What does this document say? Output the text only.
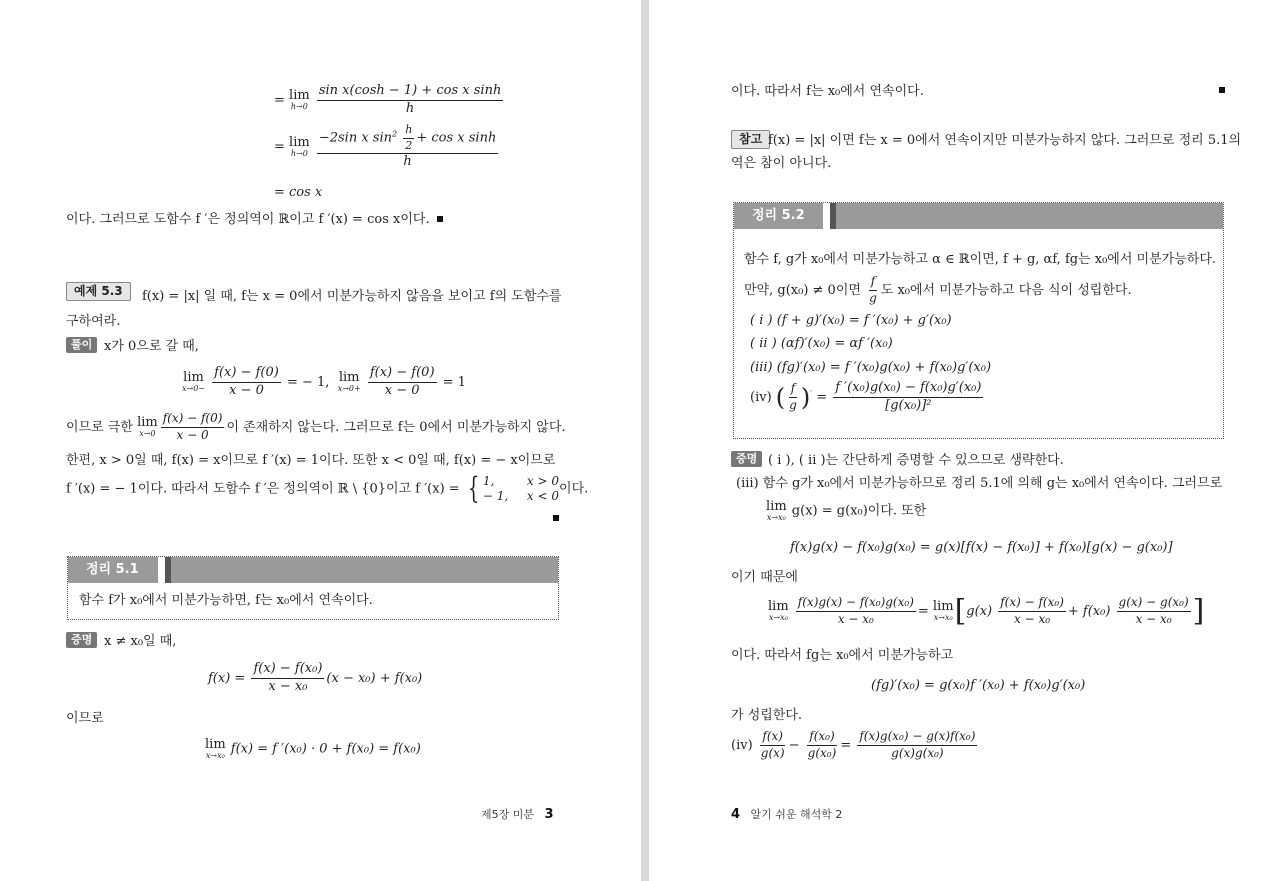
= lim
h→0
$\frac{\text{sin x(cosh − 1) + cos x sinh}}{h}$
= lim
h→0
$\frac{-2\sin x \sin^2 \frac{h}{2} + \cos x \sinh}{h}$
= cos x
이다. 그러므로 도함수 f ′은 정의역이 ℝ이고 f ′(x) = cos x이다.
예제 5.3	f(x) = |x| 일 때, f는 x = 0에서 미분가능하지 않음을 보이고 f의 도함수를
구하여라.
풀이 x가 0으로 갈 때,
lim
x→0−
$\frac{f(x) - f(0)}{x - 0}$ = − 1, lim
x→0+
$\frac{f(x) - f(0)}{x - 0} = 1$
이므로 극한 lim
$x\to 0 \frac{f(x) - f(0)}{x - 0}$ 이 존재하지 않는다. 그러므로 f는 0에서 미분가능하지 않다.
한편, x > 0일 때, f(x) = x이므로 f ′(x) = 1이다. 또한 x < 0일 때, f(x) = − x이므로
f ′(x) = − 1이다. 따라서 도함수 f ′은 정의역이 ℝ \ {0}이고 f ′(x) = { 1,	x > 0
− 1, x < 0 이다.
정리 5.1
함수 f가 x₀에서 미분가능하면, f는 x₀에서 연속이다.
증명 x ≠ x₀일 때,
$f(x) = \frac{\text{f(x) − f(x₀)}}{\text{x − x₀}} (x - x_0) + f(x_0)$
이므로
lim
x→x₀ f(x) = f ′(x₀) · 0 + f(x₀) = f(x₀)
제5장 미분 3
이다. 따라서 f는 x₀에서 연속이다.
참고 f(x) = |x| 이면 f는 x = 0에서 연속이지만 미분가능하지 않다. 그러므로 정리 5.1의
역은 참이 아니다.
정리 5.2
함수 f, g가 x₀에서 미분가능하고 α ∈ ℝ이면, f + g, αf, fg는 x₀에서 미분가능하다.
만약, g(x₀) ≠ 0이면 $\frac{f}{g}$ 도 x₀에서 미분가능하고 다음 식이 성립한다.
( i ) (f + g)′(x₀) = f ′(x₀) + g′(x₀)
( ii ) (αf)′(x₀) = αf ′(x₀)
(iii) (fg)′(x₀) = f ′(x₀)g(x₀) + f(x₀)g′(x₀)
(iv) ( $\frac{f}{g} )' = \frac{\text{f ′(x₀)g(x₀) − f(x₀)g′(x₀)}}{\text{[g(x₀)]²}}$
증명 ( i ), ( ii )는 간단하게 증명할 수 있으므로 생략한다.
(iii) 함수 g가 x₀에서 미분가능하므로 정리 5.1에 의해 g는 x₀에서 연속이다. 그러므로
lim
x→x₀ g(x) = g(x₀)이다. 또한
f(x)g(x) − f(x₀)g(x₀) = g(x)[f(x) − f(x₀)] + f(x₀)[g(x) − g(x₀)]
이기 때문에
lim
x→x₀
$\frac{\text{f(x)g(x) − f(x₀)g(x₀)}}{\text{x − x₀}} = \lim$
x→x₀ [$g(x) \frac{\text{f(x) − f(x₀)}}{\text{x − x₀}} + f(x_0) \frac{\text{g(x) − g(x₀)}}{\text{x − x₀}}$ ]
이다. 따라서 fg는 x₀에서 미분가능하고
(fg)′(x₀) = g(x₀)f ′(x₀) + f(x₀)g′(x₀)
가 성립한다.
$(iv) \frac{f(x)}{g(x)} - \frac{\text{f(x₀)}}{\text{g(x₀)}} = \frac{\text{f(x)g(x₀) − g(x)f(x₀)}}{\text{g(x)g(x₀)}}$
4 알기 쉬운 해석학 2
